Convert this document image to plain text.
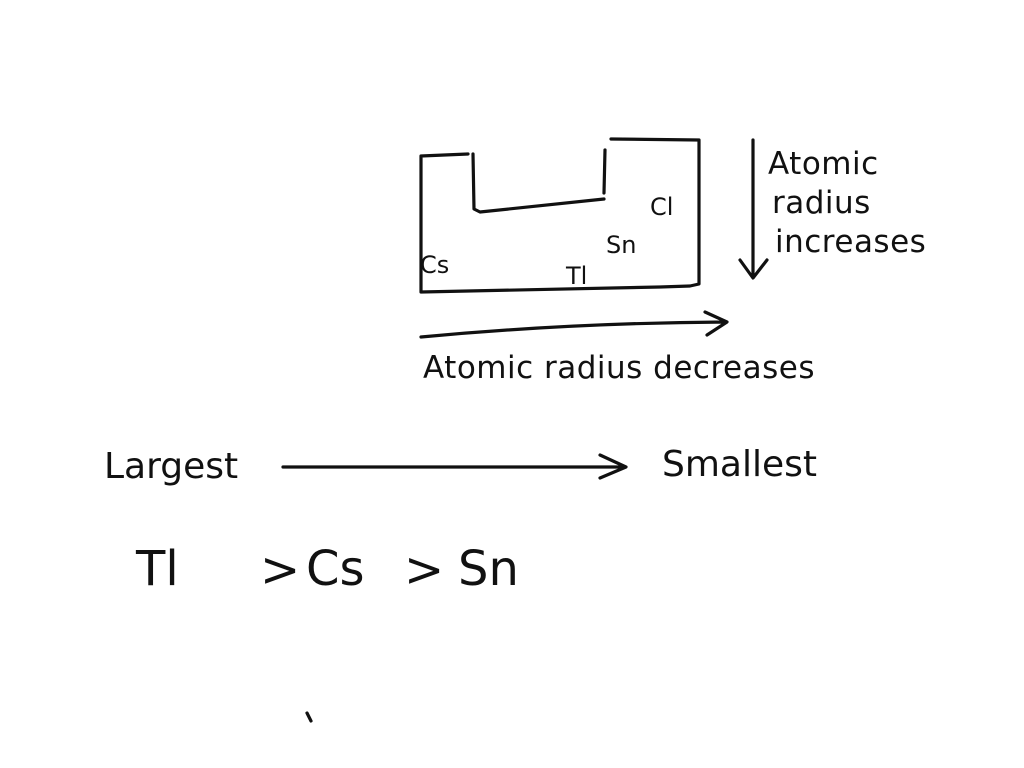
Cs	Tl
Sn
Cl
Atomic
radius
increases
Atomic radius decreases
Largest	Smallest
Tl > Cs > Sn
